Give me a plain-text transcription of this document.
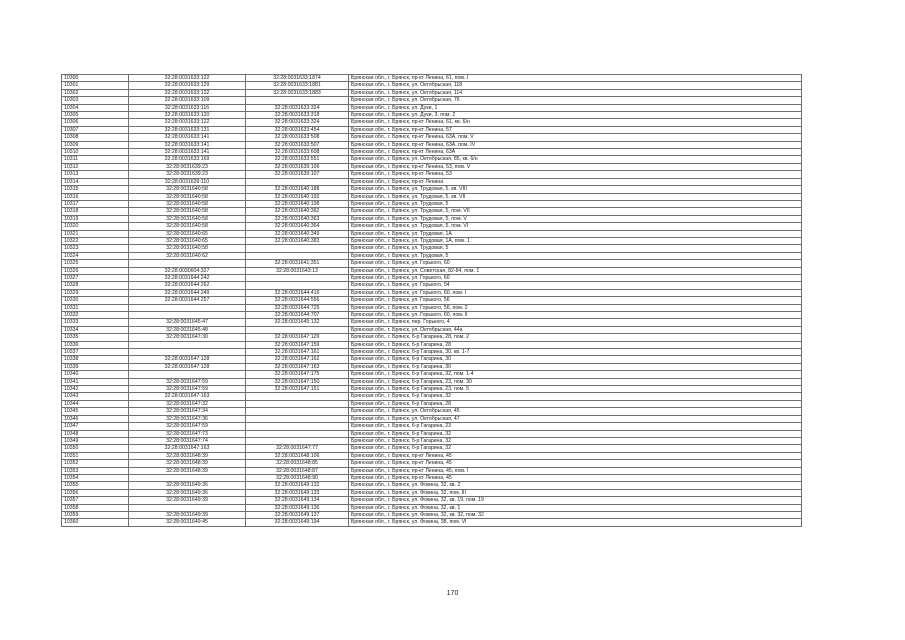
10300	32:28:0031633:122	32:28:0031633:1874	Брянская обл., г. Брянск, пр-кт Ленина, 61, пом. I
10301	32:28:0031633:129	32:28:0031633:1881	Брянская обл., г. Брянск, ул. Октябрьская, 118
10302	32:28:0031633:132	32:28:0031633:1883	Брянская обл., г. Брянск, ул. Октябрьская, 114
10303	32:28:0031633:109		Брянская обл., г. Брянск, ул. Октябрьская, 76
10304	32:28:0031633:116	32:28:0031633:324	Брянская обл., г. Брянск, ул. Дуки, 1
10305	32:28:0031633:120	32:28:0031633:318	Брянская обл., г. Брянск, ул. Дуки, 3, пом. 2
10306	32:28:0031633:122	32:28:0031633:324	Брянская обл., г. Брянск, пр-кт Ленина, 61, кв. 6/н
10307	32:28:0031633:131	32:28:0031633:454	Брянская обл., г. Брянск, пр-кт Ленина, 57
10308	32:28:0031633:141	32:28:0031633:508	Брянская обл., г. Брянск, пр-кт Ленина, 63А, пом. V
10309	32:28:0031633:141	32:28:0031633:507	Брянская обл., г. Брянск, пр-кт Ленина, 63А, пом. IV
10310	32:28:0031633:141	32:28:0031633:608	Брянская обл., г. Брянск, пр-кт Ленина, 63А
10311	32:28:0031633:169	32:28:0031633:551	Брянская обл., г. Брянск, ул. Октябрьская, 85, кв. 6/н
10312	32:28:0031639:23	32:28:0031639:106	Брянская обл., г. Брянск, пр-кт Ленина, 53, пом. V
10313	32:28:0031639:23	32:28:0031639:107	Брянская обл., г. Брянск, пр-кт Ленина, 53
10314	32:28:0031639:110		Брянская обл., г. Брянск, пр-кт Ленина
10315	32:28:0031640:58	32:28:0031640:188	Брянская обл., г. Брянск, ул. Трудовая, 5, кв. VIII
10316	32:28:0031640:58	32:28:0031640:192	Брянская обл., г. Брянск, ул. Трудовая, 5, кв. VII
10317	32:28:0031640:58	32:28:0031640:198	Брянская обл., г. Брянск, ул. Трудовая, 5
10318	32:28:0031640:58	32:28:0031640:362	Брянская обл., г. Брянск, ул. Трудовая, 5, пом. VII
10319	32:28:0031640:58	32:28:0031640:363	Брянская обл., г. Брянск, ул. Трудовая, 5, пом. V
10320	32:28:0031640:58	32:28:0031640:364	Брянская обл., г. Брянск, ул. Трудовая, 5, пом. VI
10321	32:28:0031640:65	32:28:0031640:349	Брянская обл., г. Брянск, ул. Трудовая, 1А
10322	32:28:0031640:65	32:28:0031640:383	Брянская обл., г. Брянск, ул. Трудовая, 1А, пом. 1
10323	32:28:0031640:58		Брянская обл., г. Брянск, ул. Трудовая, 5
10324	32:28:0031640:62		Брянская обл., г. Брянск, ул. Трудовая, 5
10325		32:28:0031641:351	Брянская обл., г. Брянск, ул. Горького, 60
10326	32:28:0030604:327	32:28:0031643:13	Брянская обл., г. Брянск, ул. Советская, 82-84, пом. 1
10327	32:28:0031644:242		Брянская обл., г. Брянск, ул. Горького, 60
10328	32:28:0031644:262		Брянская обл., г. Брянск, ул. Горького, 54
10329	32:28:0031644:249	32:28:0031644:416	Брянская обл., г. Брянск, ул. Горького, 60, пом. I
10330	32:28:0031644:257	32:28:0031644:556	Брянская обл., г. Брянск, ул. Горького, 56
10331		32:28:0031644:725	Брянская обл., г. Брянск, ул. Горького, 56, пом. 2
10332		32:28:0031644:707	Брянская обл., г. Брянск, ул. Горького, 60, пом. II
10333	32:28:0031645:47	32:28:0031645:132	Брянская обл., г. Брянск, пер. Горького, 4
10334	32:28:0031645:48		Брянская обл., г. Брянск, ул. Октябрьская, 44а
10335	32:28:0031647:30	32:28:0031647:129	Брянская обл., г. Брянск, б-р Гагарина, 28, пом. 2
10336		32:28:0031647:159	Брянская обл., г. Брянск, б-р Гагарина, 28
10337		32:28:0031647:161	Брянская обл., г. Брянск, б-р Гагарина, 30, кв. 1-7
10338	32:28:0031647:128	32:28:0031647:162	Брянская обл., г. Брянск, б-р Гагарина, 30
10339	32:28:0031647:128	32:28:0031647:163	Брянская обл., г. Брянск, б-р Гагарина, 30
10340		32:28:0031647:175	Брянская обл., г. Брянск, б-р Гагарина, 32, пом. 1-4
10341	32:28:0031647:59	32:28:0031647:150	Брянская обл., г. Брянск, б-р Гагарина, 23, пом. 30
10342	32:28:0031647:59	32:28:0031647:151	Брянская обл., г. Брянск, б-р Гагарина, 23, пом. 5
10343	32:28:0031647:163		Брянская обл., г. Брянск, б-р Гагарина, 32
10344	32:28:0031647:32		Брянская обл., г. Брянск, б-р Гагарина, 28
10345	32:28:0031647:34		Брянская обл., г. Брянск, ул. Октябрьская, 45
10346	32:28:0031647:36		Брянская обл., г. Брянск, ул. Октябрьская, 47
10347	32:28:0031647:59		Брянская обл., г. Брянск, б-р Гагарина, 23
10348	32:28:0031647:73		Брянская обл., г. Брянск, б-р Гагарина, 32
10349	32:28:0031647:74		Брянская обл., г. Брянск, б-р Гагарина, 32
10350	32:28:0031647:163	32:28:0031647:77	Брянская обл., г. Брянск, б-р Гагарина, 32
10351	32:28:0031648:39	32:28:0031648:106	Брянская обл., г. Брянск, пр-кт Ленина, 45
10352	32:28:0031648:39	32:28:0031648:85	Брянская обл., г. Брянск, пр-кт Ленина, 45
10353	32:28:0031648:39	32:28:0031648:87	Брянская обл., г. Брянск, пр-кт Ленина, 45, пом. I
10354		32:28:0031648:90	Брянская обл., г. Брянск, пр-кт Ленина, 45
10355	32:28:0031649:36	32:28:0031649:132	Брянская обл., г. Брянск, ул. Фокина, 32, кв. 2
10356	32:28:0031649:36	32:28:0031649:133	Брянская обл., г. Брянск, ул. Фокина, 32, пом. III
10357	32:28:0031649:39	32:28:0031649:134	Брянская обл., г. Брянск, ул. Фокина, 32, кв. 19, пом. 19
10358		32:28:0031649:136	Брянская обл., г. Брянск, ул. Фокина, 32, кв. 1
10359	32:28:0031649:39	32:28:0031649:137	Брянская обл., г. Брянск, ул. Фокина, 32, кв. 32, пом. 32
10360	32:28:0031649:45	32:28:0031649:194	Брянская обл., г. Брянск, ул. Фокина, 38, пом. VI
170
